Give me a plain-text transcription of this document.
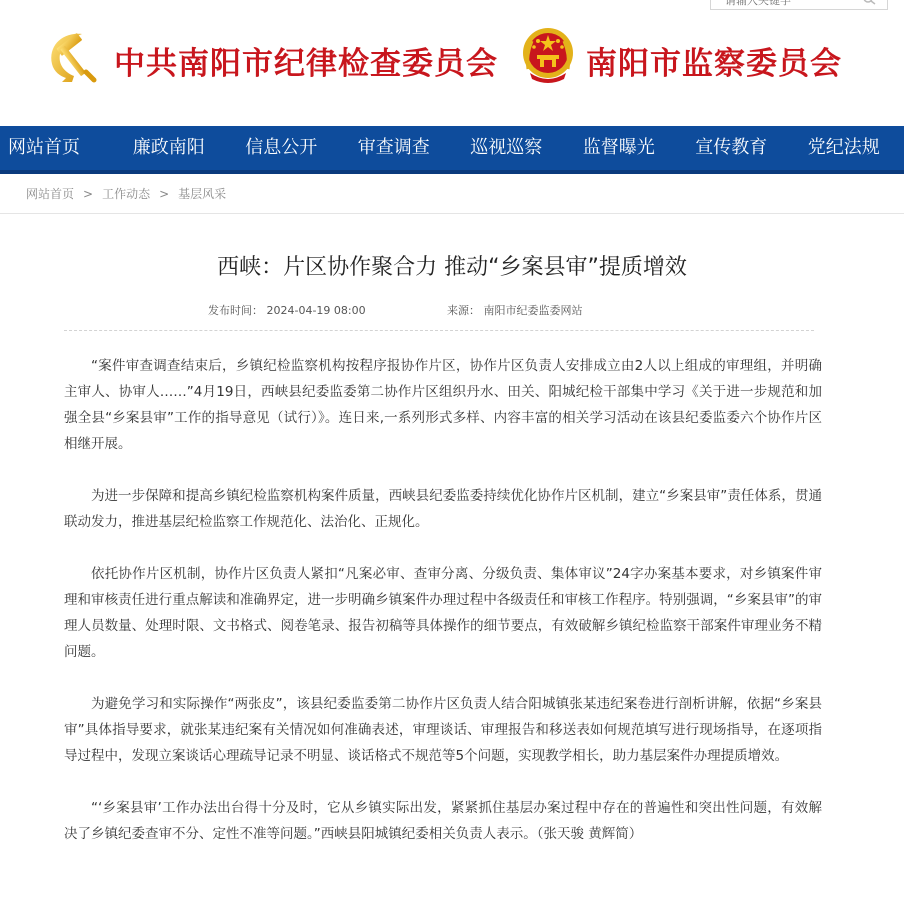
请输入关键字
中共南阳市纪律检查委员会	南阳市监察委员会
网站首页	廉政南阳	信息公开	审查调查	巡视巡察	监督曝光	宣传教育	党纪法规
网站首页 > 工作动态 > 基层风采
西峡：片区协作聚合力 推动“乡案县审”提质增效
发布时间： 2024-04-19 08:00	来源： 南阳市纪委监委网站

“案件审查调查结束后，乡镇纪检监察机构按程序报协作片区，协作片区负责人安排成立由2人以上组成的审理组，并明确主审人、协审人……”4月19日，西峡县纪委监委第二协作片区组织丹水、田关、阳城纪检干部集中学习《关于进一步规范和加强全县“乡案县审”工作的指导意见（试行）》。连日来,一系列形式多样、内容丰富的相关学习活动在该县纪委监委六个协作片区相继开展。

为进一步保障和提高乡镇纪检监察机构案件质量，西峡县纪委监委持续优化协作片区机制，建立“乡案县审”责任体系，贯通联动发力，推进基层纪检监察工作规范化、法治化、正规化。

依托协作片区机制，协作片区负责人紧扣“凡案必审、查审分离、分级负责、集体审议”24字办案基本要求，对乡镇案件审理和审核责任进行重点解读和准确界定，进一步明确乡镇案件办理过程中各级责任和审核工作程序。特别强调，“乡案县审”的审理人员数量、处理时限、文书格式、阅卷笔录、报告初稿等具体操作的细节要点，有效破解乡镇纪检监察干部案件审理业务不精问题。

为避免学习和实际操作“两张皮”，该县纪委监委第二协作片区负责人结合阳城镇张某违纪案卷进行剖析讲解，依据“乡案县审”具体指导要求，就张某违纪案有关情况如何准确表述，审理谈话、审理报告和移送表如何规范填写进行现场指导，在逐项指导过程中，发现立案谈话心理疏导记录不明显、谈话格式不规范等5个问题，实现教学相长，助力基层案件办理提质增效。

“‘乡案县审’工作办法出台得十分及时，它从乡镇实际出发，紧紧抓住基层办案过程中存在的普遍性和突出性问题，有效解决了乡镇纪委查审不分、定性不准等问题。”西峡县阳城镇纪委相关负责人表示。（张天骏 黄辉简）
